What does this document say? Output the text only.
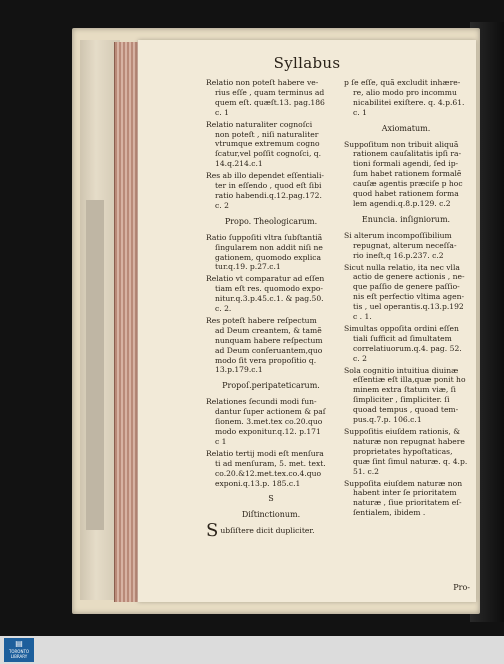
Syllabus
Relatio non poteſt habere ve-
rius eſſe , quam terminus ad
quem eſt. quæſt.13. pag.186
c. 1
Relatio naturaliter cognoſci
non poteſt , niſi naturaliter
vtrumque extremum cogno
ſcatur,vel poſſit cognoſci, q.
14.q.214.c.1
Res ab illo dependet eſſentiali-
ter in eſſendo , quod eſt ſibi
ratio habendi.q.12.pag.172.
c. 2
Propo. Theologicarum.
Ratio ſuppoſiti vltra ſubſtantiã
ſingularem non addit niſi ne
gationem, quomodo explica
tur.q.19. p.27.c.1
Relatio vt comparatur ad eſſen
tiam eſt res. quomodo expo-
nitur.q.3.p.45.c.1. & pag.50.
c. 2.
Res poteſt habere reſpectum
ad Deum creantem, & tamẽ
nunquam habere reſpectum
ad Deum conſeruantem,quo
modo ſit vera propoſitio q.
13.p.179.c.1
Propoſ.peripateticarum.
Relationes ſecundi modi fun-
dantur ſuper actionem & paſ
ſionem. 3.met.tex co.20.quo
modo exponitur.q.12. p.171
c 1
Relatio tertij modi eſt menſura
ti ad menſuram, 5. met. text.
co.20.&12.met.tex.co.4.quo
exponi.q.13.p. 185.c.1
S
Diſtinctionum.
Subſiſtere dicit dupliciter.
p ſe eſſe, quã excludit inhære-
re, alio modo pro incommu
nicabilitei exiſtere. q. 4.p.61.
c. 1
Axiomatum.
Suppoſitum non tribuit aliquã
rationem cauſalitatis ipſi ra-
tioni formali agendi, ſed ip-
ſum habet rationem formalẽ
cauſæ agentis præciſe p hoc
quod habet rationem forma
lem agendi.q.8.p.129. c.2
Enuncia. inſigniorum.
Si alterum incompoſſibilium
repugnat, alterum neceſſa-
rio ineſt,q 16.p.237. c.2
Sicut nulla relatio, ita nec vlla
actio de genere actionis , ne-
que paſſio de genere paſſio-
nis eſt perfectio vltima agen-
tis , uel operantis.q.13.p.192
c . 1.
Simultas oppoſita ordini eſſen
tiali ſufficit ad ſimultatem
correlatiuorum.q.4. pag. 52.
c. 2
Sola cognitio intuitiua diuinæ
eſſentiæ eſt illa,quæ ponit ho
minem extra ſtatum viæ, ſi
ſimpliciter , ſimpliciter. ſi
quoad tempus , quoad tem-
pus.q.7.p. 106.c.1
Suppoſitis eiuſdem rationis, &
naturæ non repugnat habere
proprietates hypoſtaticas,
quæ ſint ſimul naturæ. q. 4.p.
51. c.2
Suppoſita eiuſdem naturæ non
habent inter ſe prioritatem
naturæ , ſiue prioritatem eſ-
ſentialem, ibidem .
Pro-
▤
TORONTO LIBRARY
